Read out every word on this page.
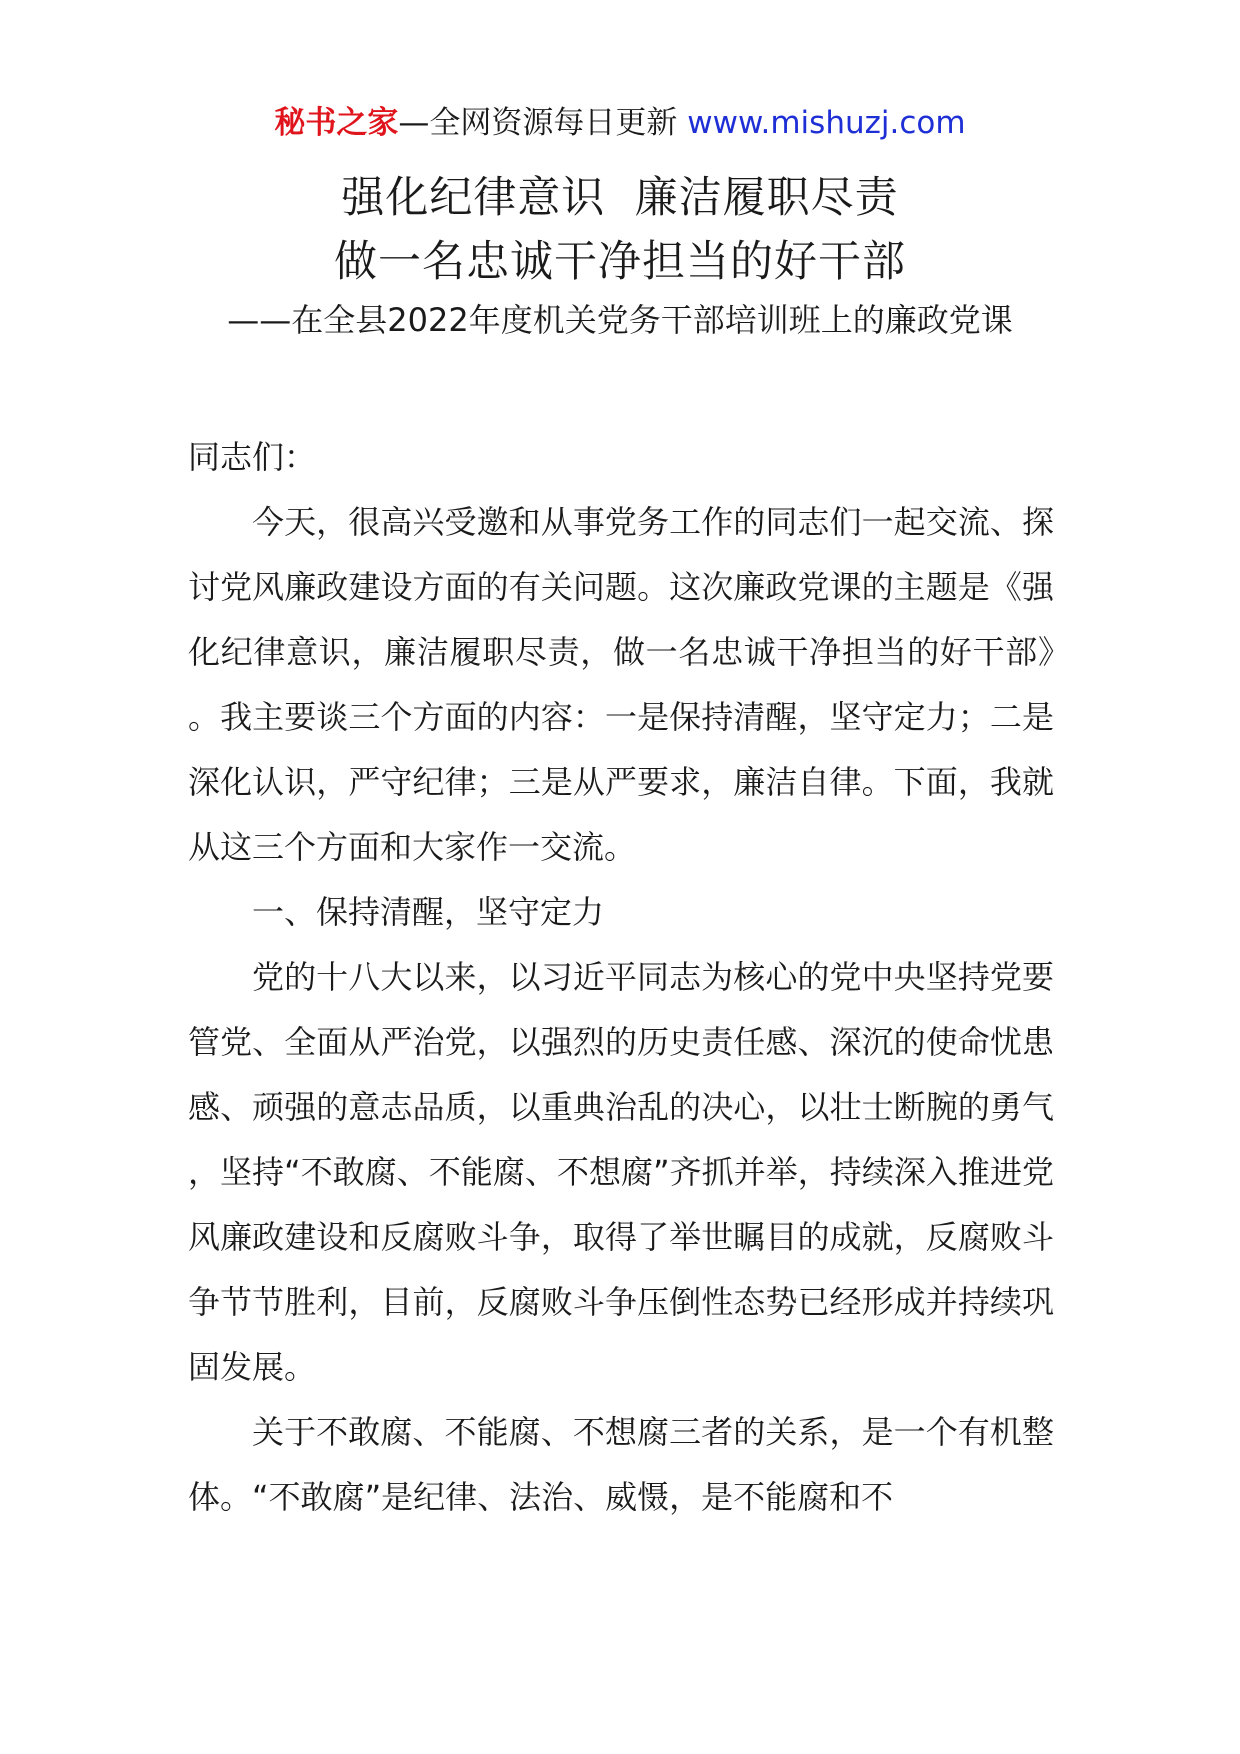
秘书之家—全网资源每日更新 www.mishuzj.com
强化纪律意识  廉洁履职尽责
做一名忠诚干净担当的好干部
——在全县2022年度机关党务干部培训班上的廉政党课

同志们：

今天，很高兴受邀和从事党务工作的同志们一起交流、探讨党风廉政建设方面的有关问题。这次廉政党课的主题是《强化纪律意识，廉洁履职尽责，做一名忠诚干净担当的好干部》。我主要谈三个方面的内容：一是保持清醒，坚守定力；二是深化认识，严守纪律；三是从严要求，廉洁自律。下面，我就从这三个方面和大家作一交流。

一、保持清醒，坚守定力

党的十八大以来，以习近平同志为核心的党中央坚持党要管党、全面从严治党，以强烈的历史责任感、深沉的使命忧患感、顽强的意志品质，以重典治乱的决心，以壮士断腕的勇气，坚持“不敢腐、不能腐、不想腐”齐抓并举，持续深入推进党风廉政建设和反腐败斗争，取得了举世瞩目的成就，反腐败斗争节节胜利，目前，反腐败斗争压倒性态势已经形成并持续巩固发展。

关于不敢腐、不能腐、不想腐三者的关系，是一个有机整体。“不敢腐”是纪律、法治、威慑，是不能腐和不
